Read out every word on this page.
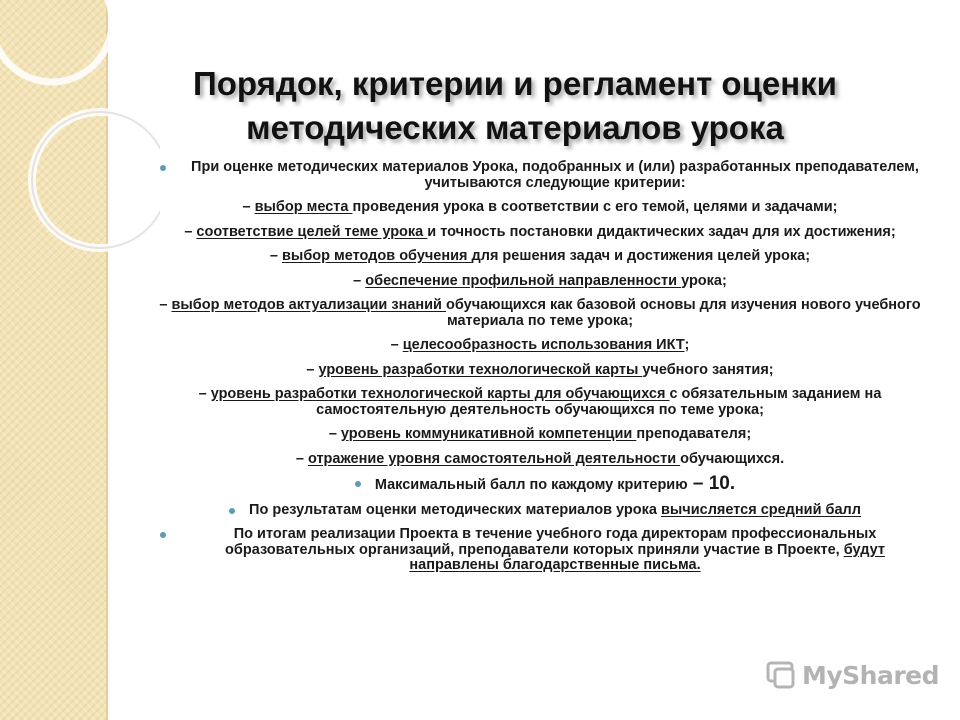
Порядок, критерии и регламент оценки
методических материалов урока
При оценке методических материалов Урока, подобранных и (или) разработанных преподавателем, учитываются следующие критерии:
– выбор места проведения урока в соответствии с его темой, целями и задачами;
– соответствие целей теме урока и точность постановки дидактических задач для их достижения;
– выбор методов обучения для решения задач и достижения целей урока;
– обеспечение профильной направленности урока;
– выбор методов актуализации знаний обучающихся как базовой основы для изучения нового учебного материала по теме урока;
– целесообразность использования ИКТ;
– уровень разработки технологической карты учебного занятия;
– уровень разработки технологической карты для обучающихся с обязательным заданием на самостоятельную деятельность обучающихся по теме урока;
– уровень коммуникативной компетенции преподавателя;
– отражение уровня самостоятельной деятельности обучающихся.
Максимальный балл по каждому критерию – 10.
По результатам оценки методических материалов урока вычисляется средний балл
По итогам реализации Проекта в течение учебного года директорам профессиональных образовательных организаций, преподаватели которых приняли участие в Проекте, будут направлены благодарственные письма.
MyShared
